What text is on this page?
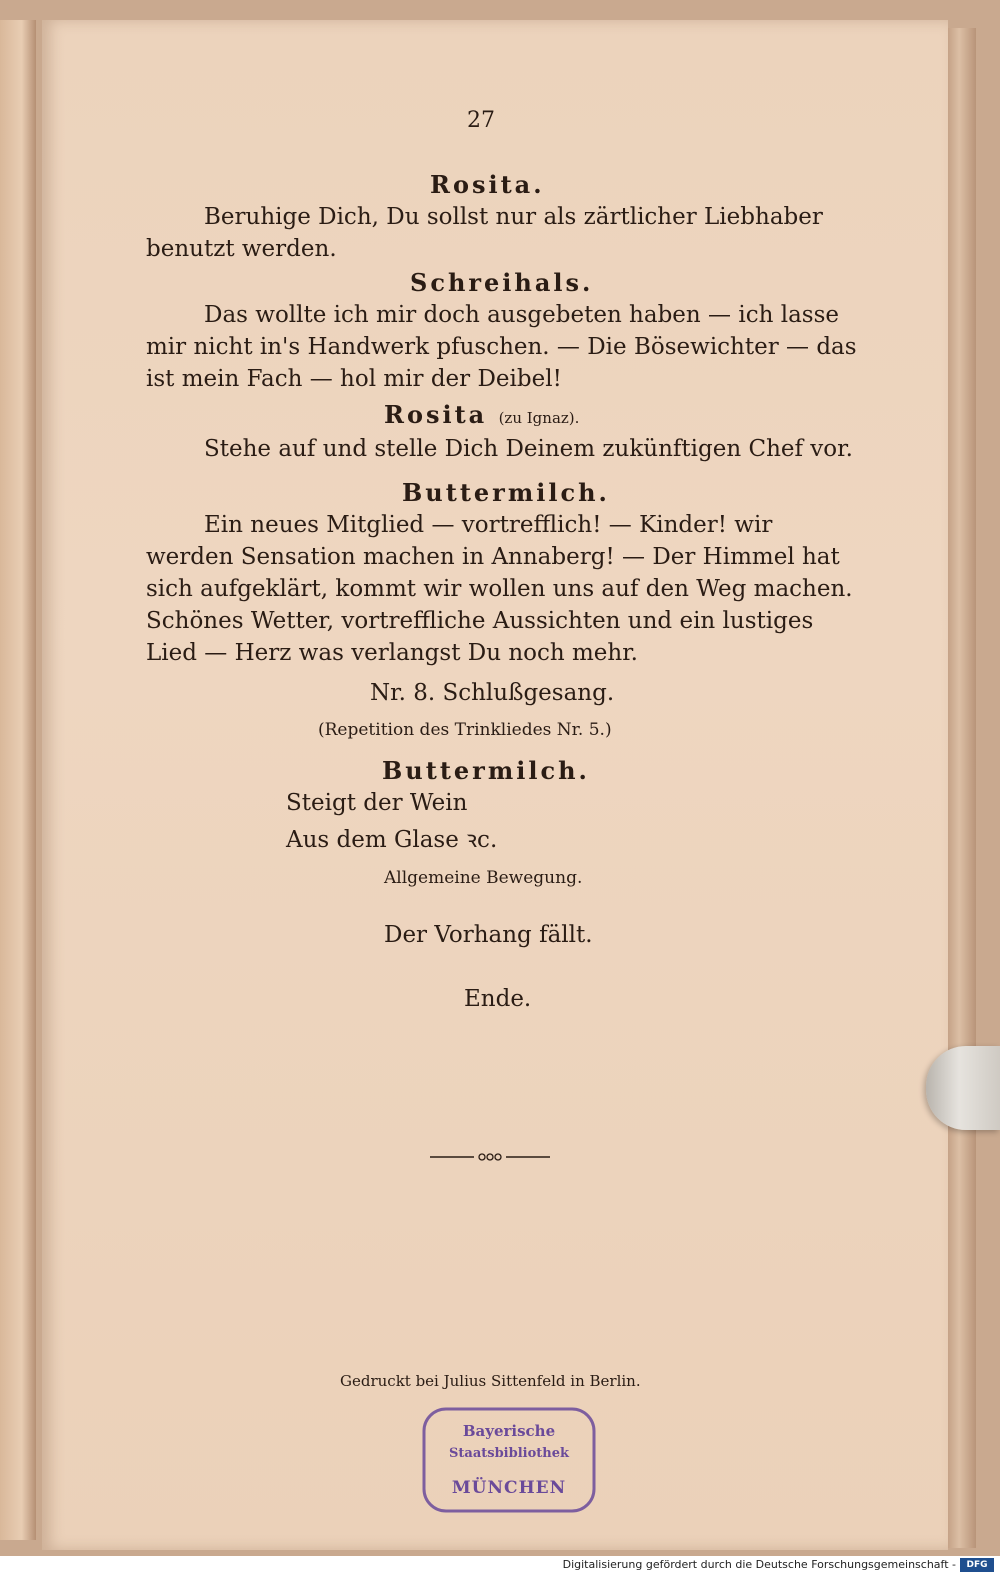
27
Rosita.
Beruhige Dich, Du sollst nur als zärtlicher Liebhaber
benutzt werden.
Schreihals.
Das wollte ich mir doch ausgebeten haben — ich lasse
mir nicht in's Handwerk pfuschen. — Die Bösewichter — das
ist mein Fach — hol mir der Deibel!
Rosita (zu Ignaz).
Stehe auf und stelle Dich Deinem zukünftigen Chef vor.
Buttermilch.
Ein neues Mitglied — vortrefflich! — Kinder! wir
werden Sensation machen in Annaberg! — Der Himmel hat
sich aufgeklärt, kommt wir wollen uns auf den Weg machen.
Schönes Wetter, vortreffliche Aussichten und ein lustiges
Lied — Herz was verlangst Du noch mehr.
Nr. 8. Schlußgesang.
(Repetition des Trinkliedes Nr. 5.)
Buttermilch.
Steigt der Wein
Aus dem Glase ꝛc.
Allgemeine Bewegung.
Der Vorhang fällt.
Ende.
Gedruckt bei Julius Sittenfeld in Berlin.
Bayerische
Staatsbibliothek
MÜNCHEN
Digitalisierung gefördert durch die Deutsche Forschungsgemeinschaft -	DFG
